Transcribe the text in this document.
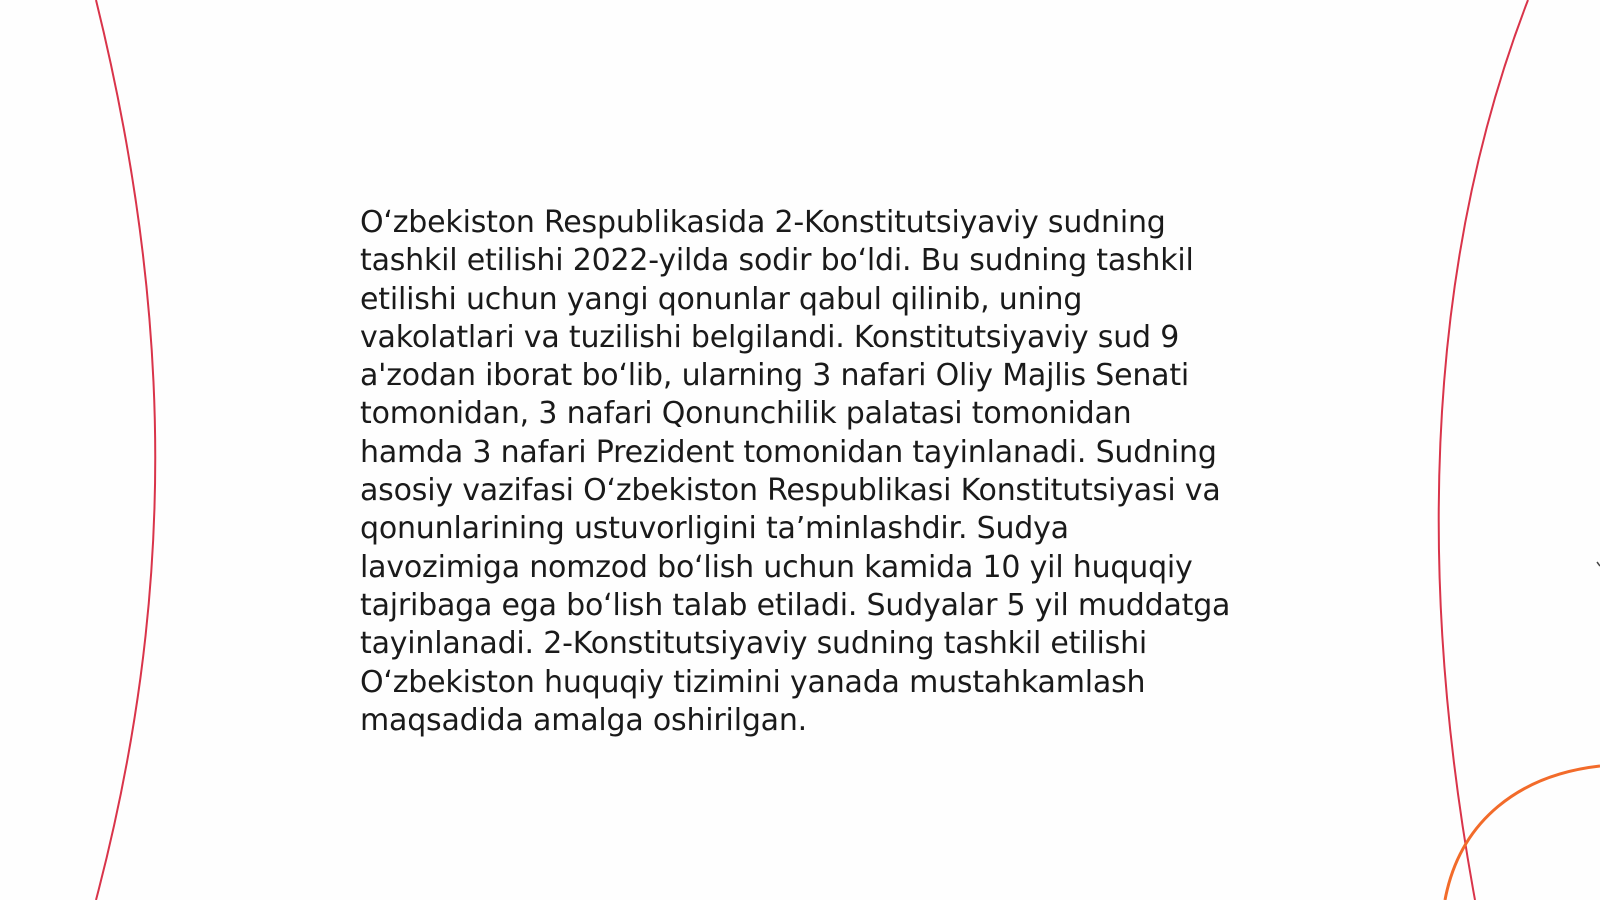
O‘zbekiston Respublikasida 2-Konstitutsiyaviy sudning
tashkil etilishi 2022-yilda sodir bo‘ldi. Bu sudning tashkil
etilishi uchun yangi qonunlar qabul qilinib, uning
vakolatlari va tuzilishi belgilandi. Konstitutsiyaviy sud 9
a'zodan iborat bo‘lib, ularning 3 nafari Oliy Majlis Senati
tomonidan, 3 nafari Qonunchilik palatasi tomonidan
hamda 3 nafari Prezident tomonidan tayinlanadi. Sudning
asosiy vazifasi O‘zbekiston Respublikasi Konstitutsiyasi va
qonunlarining ustuvorligini ta’minlashdir. Sudya
lavozimiga nomzod bo‘lish uchun kamida 10 yil huquqiy
tajribaga ega bo‘lish talab etiladi. Sudyalar 5 yil muddatga
tayinlanadi. 2-Konstitutsiyaviy sudning tashkil etilishi
O‘zbekiston huquqiy tizimini yanada mustahkamlash
maqsadida amalga oshirilgan.
